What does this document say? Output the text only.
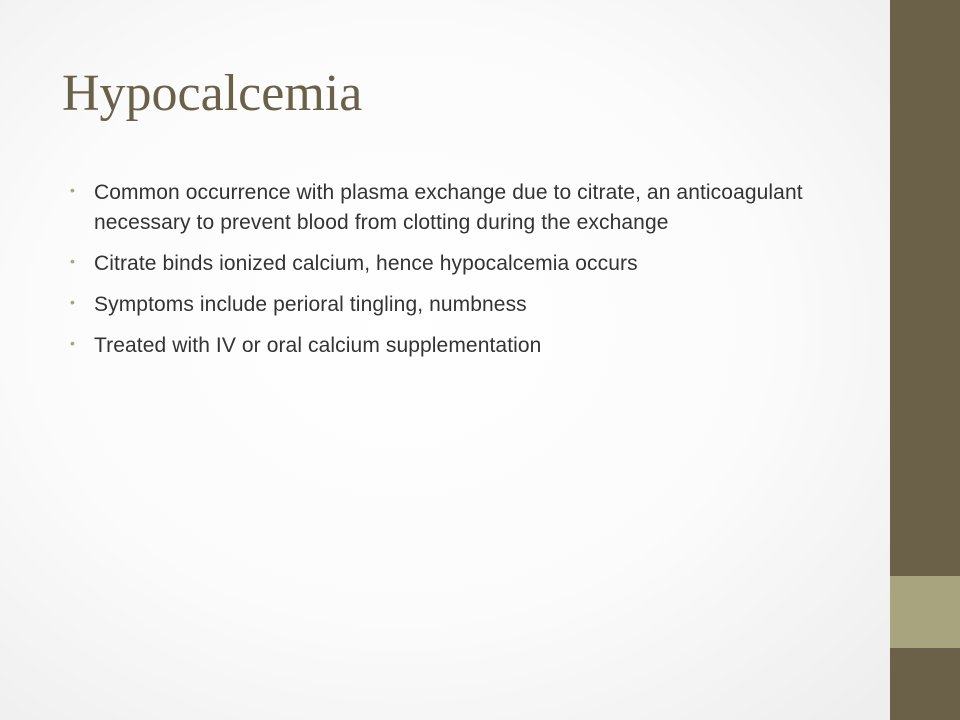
Hypocalcemia
• Common occurrence with plasma exchange due to citrate, an anticoagulant necessary to prevent blood from clotting during the exchange
• Citrate binds ionized calcium, hence hypocalcemia occurs
• Symptoms include perioral tingling, numbness
• Treated with IV or oral calcium supplementation
